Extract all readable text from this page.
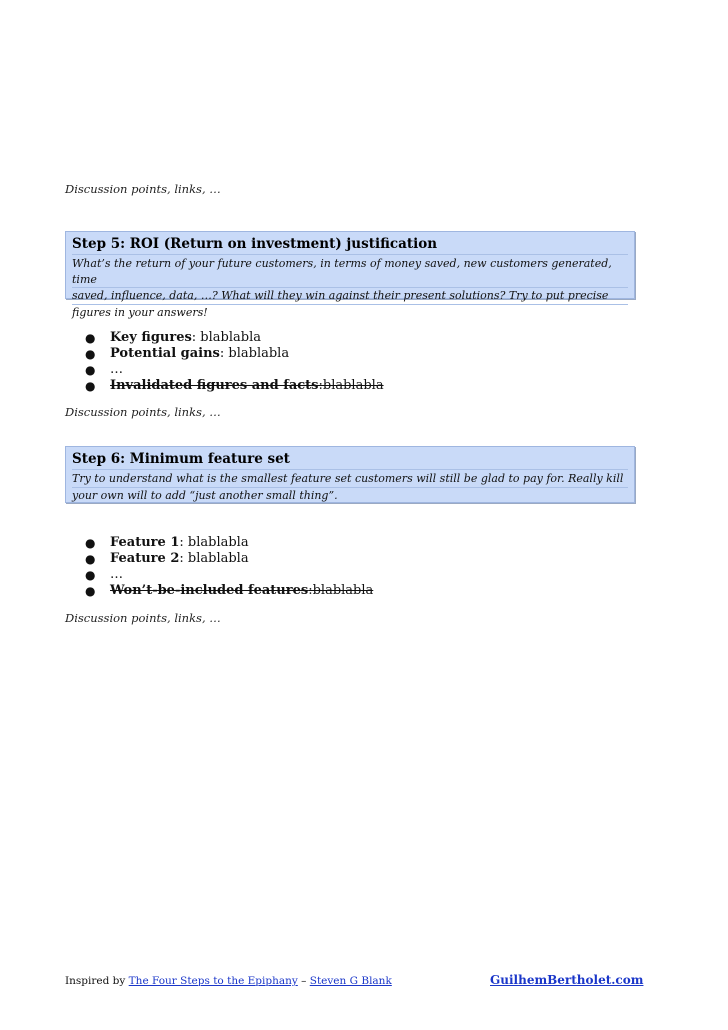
Discussion points, links, …
Step 5: ROI (Return on investment) justification
What’s the return of your future customers, in terms of money saved, new customers generated, time
saved, influence, data, …? What will they win against their present solutions? Try to put precise
figures in your answers!
● Key figures: blablabla
● Potential gains: blablabla
● …
● Invalidated figures and facts:blablabla
Discussion points, links, …
Step 6: Minimum feature set
Try to understand what is the smallest feature set customers will still be glad to pay for. Really kill
your own will to add “just another small thing”.
● Feature 1: blablabla
● Feature 2: blablabla
● …
● Won’t-be-included features:blablabla
Discussion points, links, …
Inspired by The Four Steps to the Epiphany – Steven G Blank	GuilhemBertholet.com
